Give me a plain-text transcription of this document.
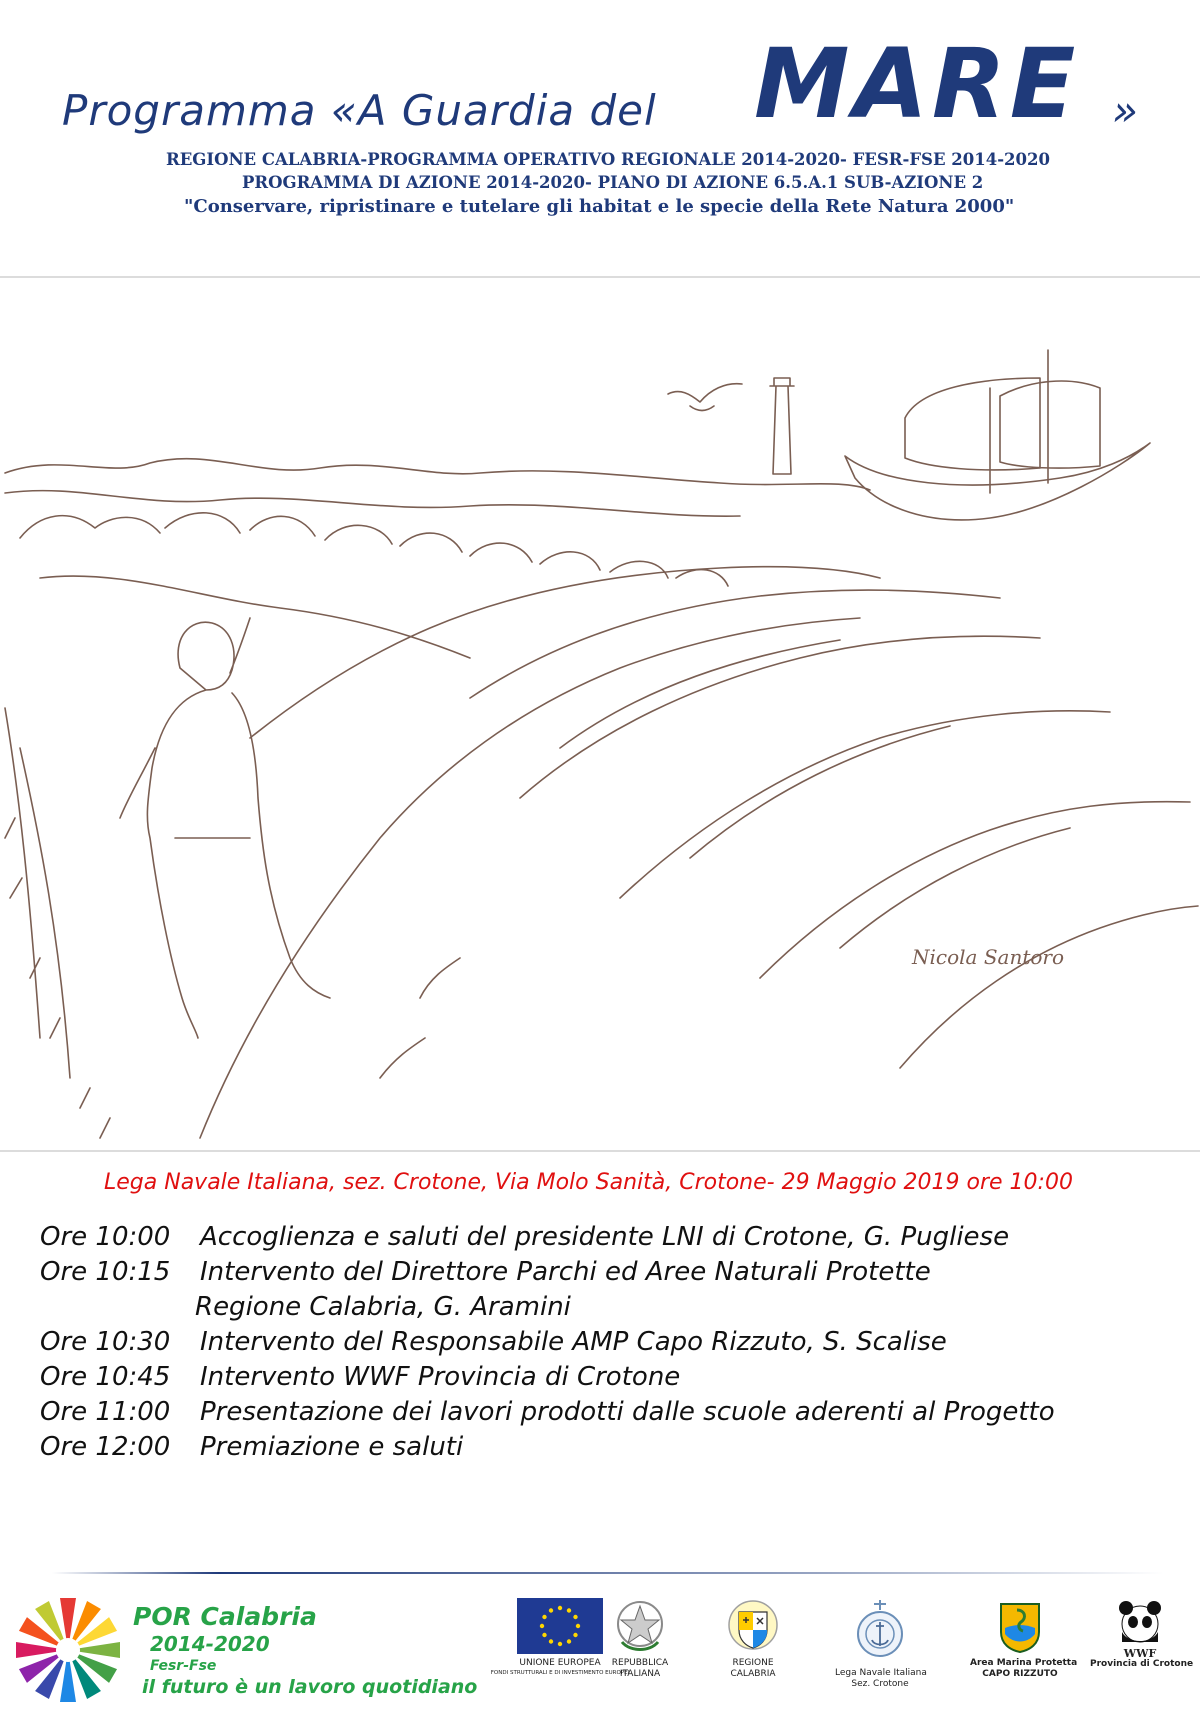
Programma «A Guardia del MARE »
REGIONE CALABRIA-PROGRAMMA OPERATIVO REGIONALE 2014-2020- FESR-FSE 2014-2020
PROGRAMMA DI AZIONE 2014-2020- PIANO DI AZIONE 6.5.A.1 SUB-AZIONE 2
"Conservare, ripristinare e tutelare gli habitat e le specie della Rete Natura 2000"
Nicola Santoro
Lega Navale Italiana, sez. Crotone, Via Molo Sanità, Crotone- 29 Maggio 2019 ore 10:00
Ore 10:00 Accoglienza e saluti del presidente LNI di Crotone, G. Pugliese
Ore 10:15 Intervento del Direttore Parchi ed Aree Naturali Protette
Regione Calabria, G. Aramini
Ore 10:30 Intervento del Responsabile AMP Capo Rizzuto, S. Scalise
Ore 10:45 Intervento WWF Provincia di Crotone
Ore 11:00 Presentazione dei lavori prodotti dalle scuole aderenti al Progetto
Ore 12:00 Premiazione e saluti
POR Calabria
2014-2020
Fesr-Fse
il futuro è un lavoro quotidiano
UNIONE EUROPEA
FONDI STRUTTURALI E DI INVESTIMENTO EUROPEI
REPUBBLICA
ITALIANA
REGIONE
CALABRIA	Lega Navale Italiana
Sez. Crotone
Area Marina Protetta
CAPO RIZZUTO
WWF
Provincia di Crotone
